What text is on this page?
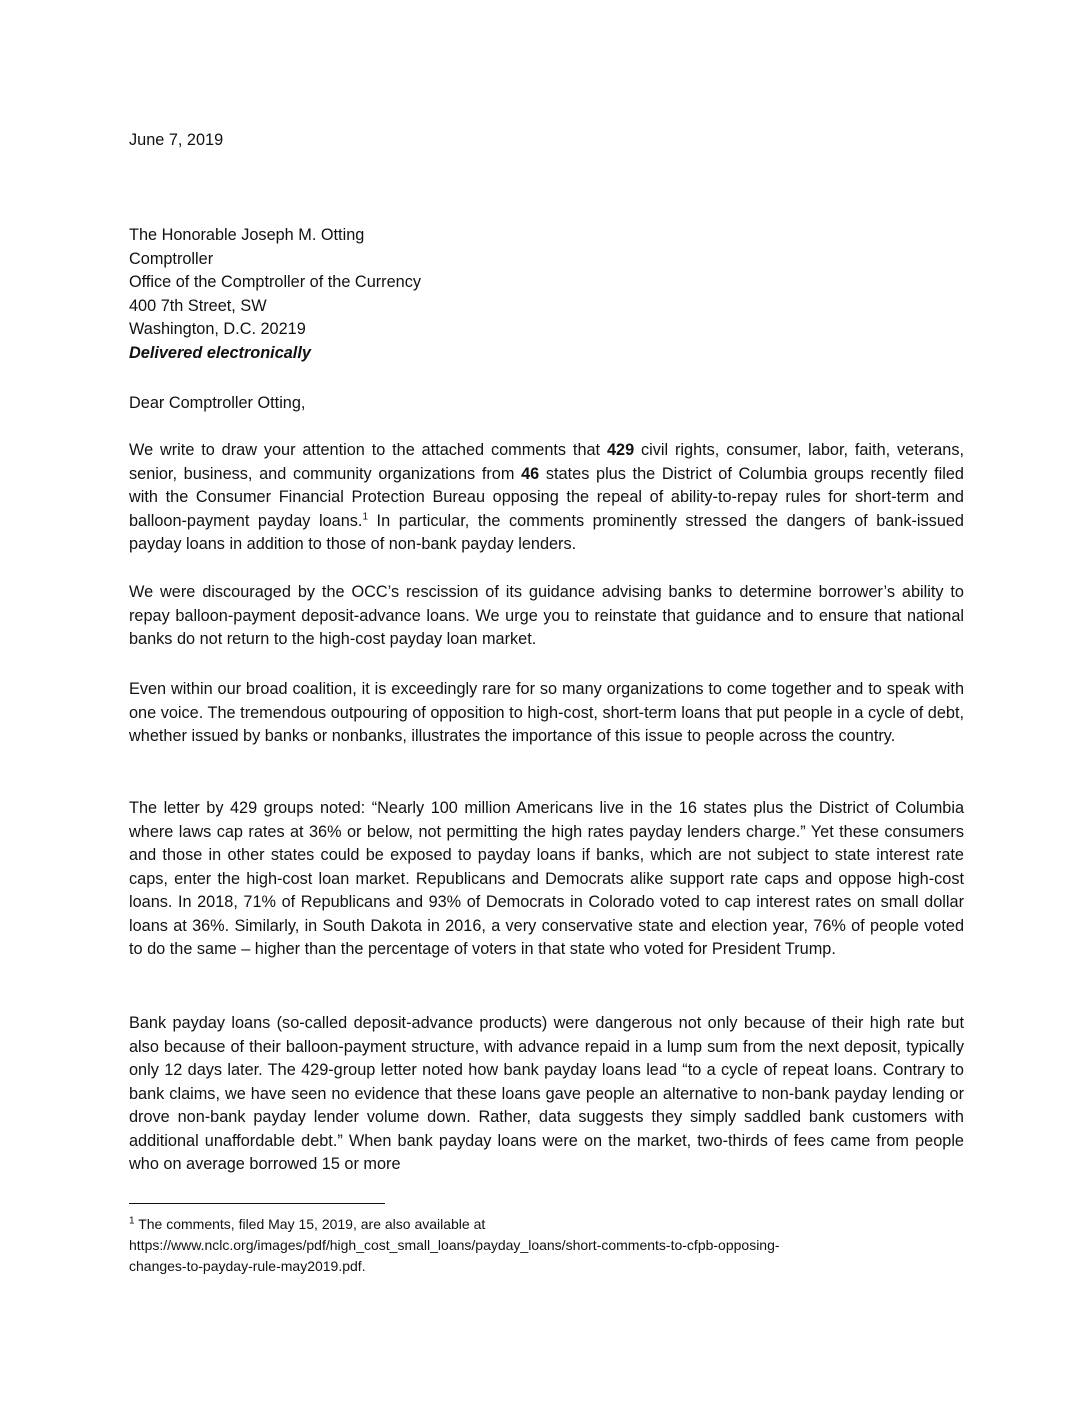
June 7, 2019
The Honorable Joseph M. Otting
Comptroller
Office of the Comptroller of the Currency
400 7th Street, SW
Washington, D.C. 20219
Delivered electronically
Dear Comptroller Otting,
We write to draw your attention to the attached comments that 429 civil rights, consumer, labor, faith, veterans, senior, business, and community organizations from 46 states plus the District of Columbia groups recently filed with the Consumer Financial Protection Bureau opposing the repeal of ability-to-repay rules for short-term and balloon-payment payday loans.$^1$ In particular, the comments prominently stressed the dangers of bank-issued payday loans in addition to those of non-bank payday lenders.
We were discouraged by the OCC’s rescission of its guidance advising banks to determine borrower’s ability to repay balloon-payment deposit-advance loans. We urge you to reinstate that guidance and to ensure that national banks do not return to the high-cost payday loan market.
Even within our broad coalition, it is exceedingly rare for so many organizations to come together and to speak with one voice. The tremendous outpouring of opposition to high-cost, short-term loans that put people in a cycle of debt, whether issued by banks or nonbanks, illustrates the importance of this issue to people across the country.
The letter by 429 groups noted: “Nearly 100 million Americans live in the 16 states plus the District of Columbia where laws cap rates at 36% or below, not permitting the high rates payday lenders charge.” Yet these consumers and those in other states could be exposed to payday loans if banks, which are not subject to state interest rate caps, enter the high-cost loan market. Republicans and Democrats alike support rate caps and oppose high-cost loans. In 2018, 71% of Republicans and 93% of Democrats in Colorado voted to cap interest rates on small dollar loans at 36%. Similarly, in South Dakota in 2016, a very conservative state and election year, 76% of people voted to do the same – higher than the percentage of voters in that state who voted for President Trump.
Bank payday loans (so-called deposit-advance products) were dangerous not only because of their high rate but also because of their balloon-payment structure, with advance repaid in a lump sum from the next deposit, typically only 12 days later. The 429-group letter noted how bank payday loans lead “to a cycle of repeat loans. Contrary to bank claims, we have seen no evidence that these loans gave people an alternative to non-bank payday lending or drove non-bank payday lender volume down. Rather, data suggests they simply saddled bank customers with additional unaffordable debt.” When bank payday loans were on the market, two-thirds of fees came from people who on average borrowed 15 or more
$^1$ The comments, filed May 15, 2019, are also available at
https://www.nclc.org/images/pdf/high_cost_small_loans/payday_loans/short-comments-to-cfpb-opposing-
changes-to-payday-rule-may2019.pdf.
